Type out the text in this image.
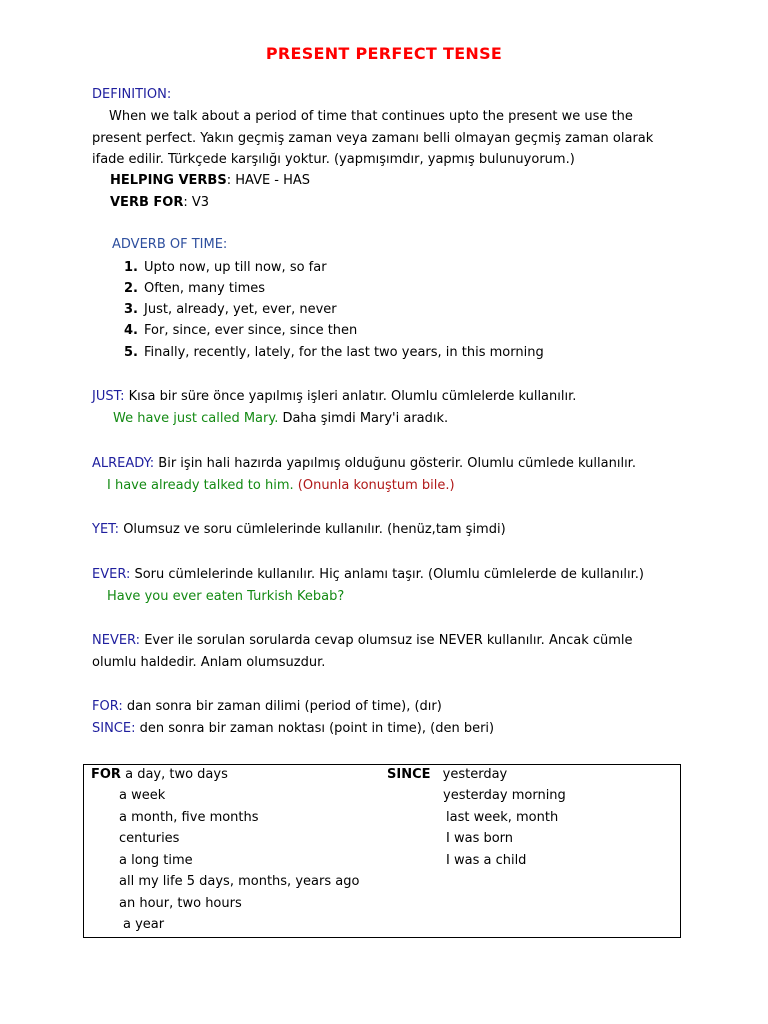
PRESENT PERFECT TENSE
DEFINITION:
When we talk about a period of time that continues upto the present we use the
present perfect. Yakın geçmiş zaman veya zamanı belli olmayan geçmiş zaman olarak
ifade edilir. Türkçede karşılığı yoktur. (yapmışımdır, yapmış bulunuyorum.)
HELPING VERBS: HAVE - HAS
VERB FOR: V3
ADVERB OF TIME:
1. Upto now, up till now, so far
2. Often, many times
3. Just, already, yet, ever, never
4. For, since, ever since, since then
5. Finally, recently, lately, for the last two years, in this morning
JUST: Kısa bir süre önce yapılmış işleri anlatır. Olumlu cümlelerde kullanılır.
We have just called Mary. Daha şimdi Mary'i aradık.
ALREADY: Bir işin hali hazırda yapılmış olduğunu gösterir. Olumlu cümlede kullanılır.
I have already talked to him. (Onunla konuştum bile.)
YET: Olumsuz ve soru cümlelerinde kullanılır. (henüz,tam şimdi)
EVER: Soru cümlelerinde kullanılır. Hiç anlamı taşır. (Olumlu cümlelerde de kullanılır.)
Have you ever eaten Turkish Kebab?
NEVER: Ever ile sorulan sorularda cevap olumsuz ise NEVER kullanılır. Ancak cümle
olumlu haldedir. Anlam olumsuzdur.
FOR: dan sonra bir zaman dilimi (period of time), (dır)
SINCE: den sonra bir zaman noktası (point in time), (den beri)
FOR a day, two days
a week
a month, five months
centuries
a long time
all my life 5 days, months, years ago
an hour, two hours
a year
SINCE yesterday
yesterday morning
last week, month
I was born
I was a child
